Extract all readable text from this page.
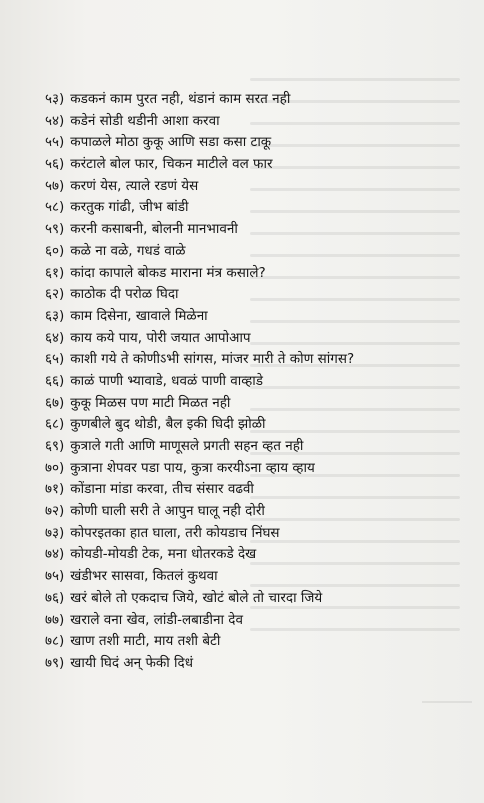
५३ ) कडकनं काम पुरत नही, थंडानं काम सरत नही
५४ ) कडेनं सोडी थडीनी आशा करवा
५५ ) कपाळले मोठा कुकू आणि सडा कसा टाकू
५६ ) करंटाले बोल फार, चिकन माटीले वल फार
५७ ) करणं येस, त्याले रडणं येस
५८ ) करतुक गांढी, जीभ बांडी
५९ ) करनी कसाबनी, बोलनी मानभावनी
६० ) कळे ना वळे, गधडं वाळे
६१ ) कांदा कापाले बोकड माराना मंत्र कसाले?
६२ ) काठोक दी परोळ घिदा
६३ ) काम दिसेना, खावाले मिळेना
६४ ) काय कये पाय, पोरी जयात आपोआप
६५ ) काशी गये ते कोणीऽभी सांगस, मांजर मारी ते कोण सांगस?
६६ ) काळं पाणी भ्यावाडे, धवळं पाणी वाव्हाडे
६७ ) कुकू मिळस पण माटी मिळत नही
६८ ) कुणबीले बुद थोडी, बैल इकी घिदी झोळी
६९ ) कुत्राले गती आणि माणूसले प्रगती सहन व्हत नही
७० ) कुत्राना शेपवर पडा पाय, कुत्रा करयीऽना व्हाय व्हाय
७१ ) कोंडाना मांडा करवा, तीच संसार वढवी
७२ ) कोणी घाली सरी ते आपुन घालू नही दोरी
७३ ) कोपरइतका हात घाला, तरी कोयडाच निंघस
७४ ) कोयडी-मोयडी टेक, मना धोतरकडे देख
७५ ) खंडीभर सासवा, कितलं कुथवा
७६ ) खरं बोले तो एकदाच जिये, खोटं बोले तो चारदा जिये
७७ ) खराले वना खेव, लांडी-लबाडीना देव
७८ ) खाण तशी माटी, माय तशी बेटी
७९ ) खायी घिदं अन् फेकी दिधं
